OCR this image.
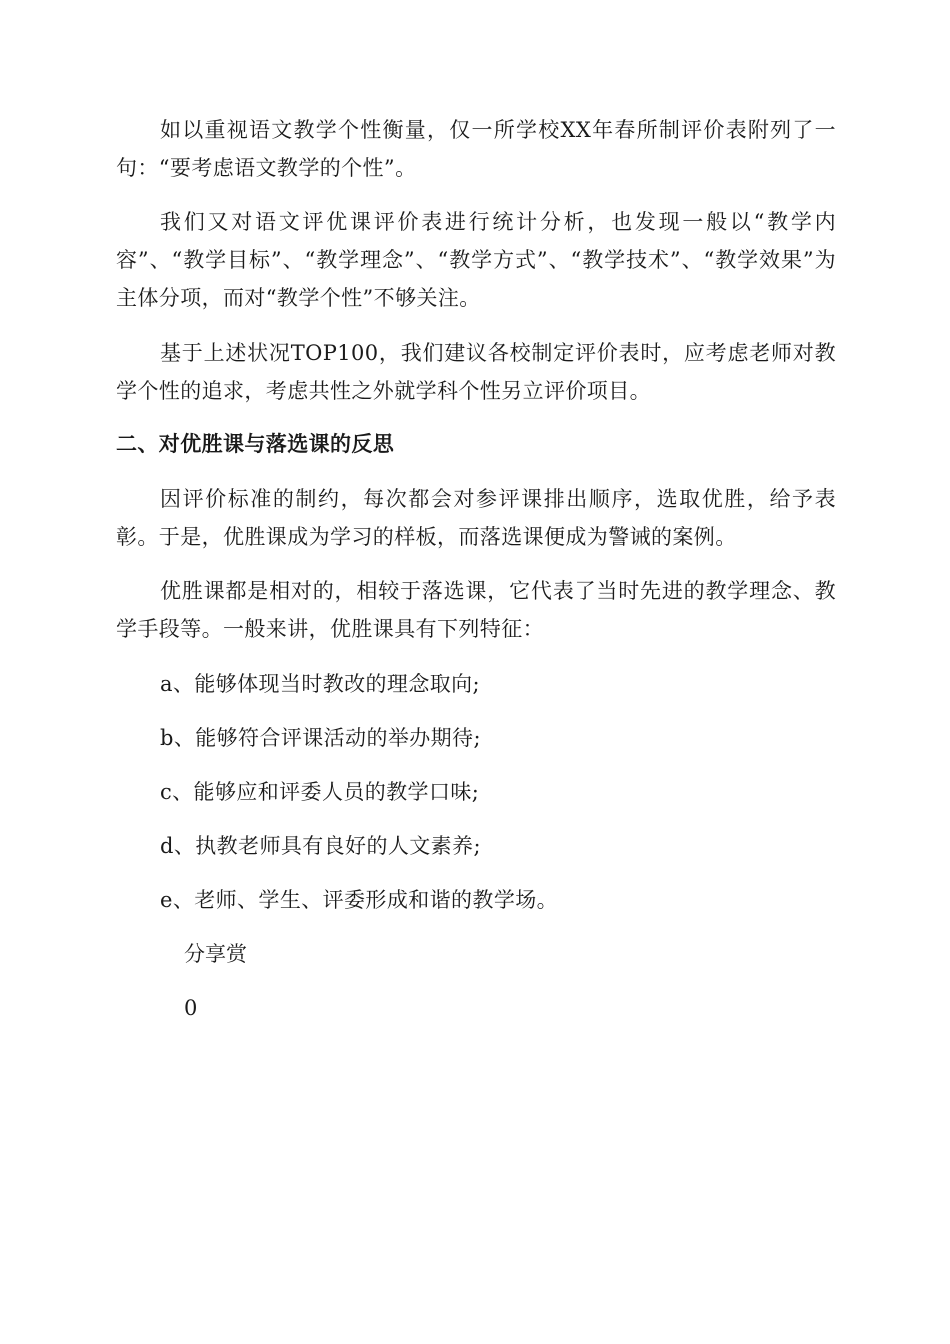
如以重视语文教学个性衡量，仅一所学校XX年春所制评价表附列了一句：“要考虑语文教学的个性”。

我们又对语文评优课评价表进行统计分析，也发现一般以“教学内容”、“教学目标”、“教学理念”、“教学方式”、“教学技术”、“教学效果”为主体分项，而对“教学个性”不够关注。

基于上述状况TOP100，我们建议各校制定评价表时，应考虑老师对教学个性的追求，考虑共性之外就学科个性另立评价项目。

二、对优胜课与落选课的反思

因评价标准的制约，每次都会对参评课排出顺序，选取优胜，给予表彰。于是，优胜课成为学习的样板，而落选课便成为警诫的案例。

优胜课都是相对的，相较于落选课，它代表了当时先进的教学理念、教学手段等。一般来讲，优胜课具有下列特征：

a、能够体现当时教改的理念取向;

b、能够符合评课活动的举办期待;

c、能够应和评委人员的教学口味;

d、执教老师具有良好的人文素养;

e、老师、学生、评委形成和谐的教学场。

分享赏

0
